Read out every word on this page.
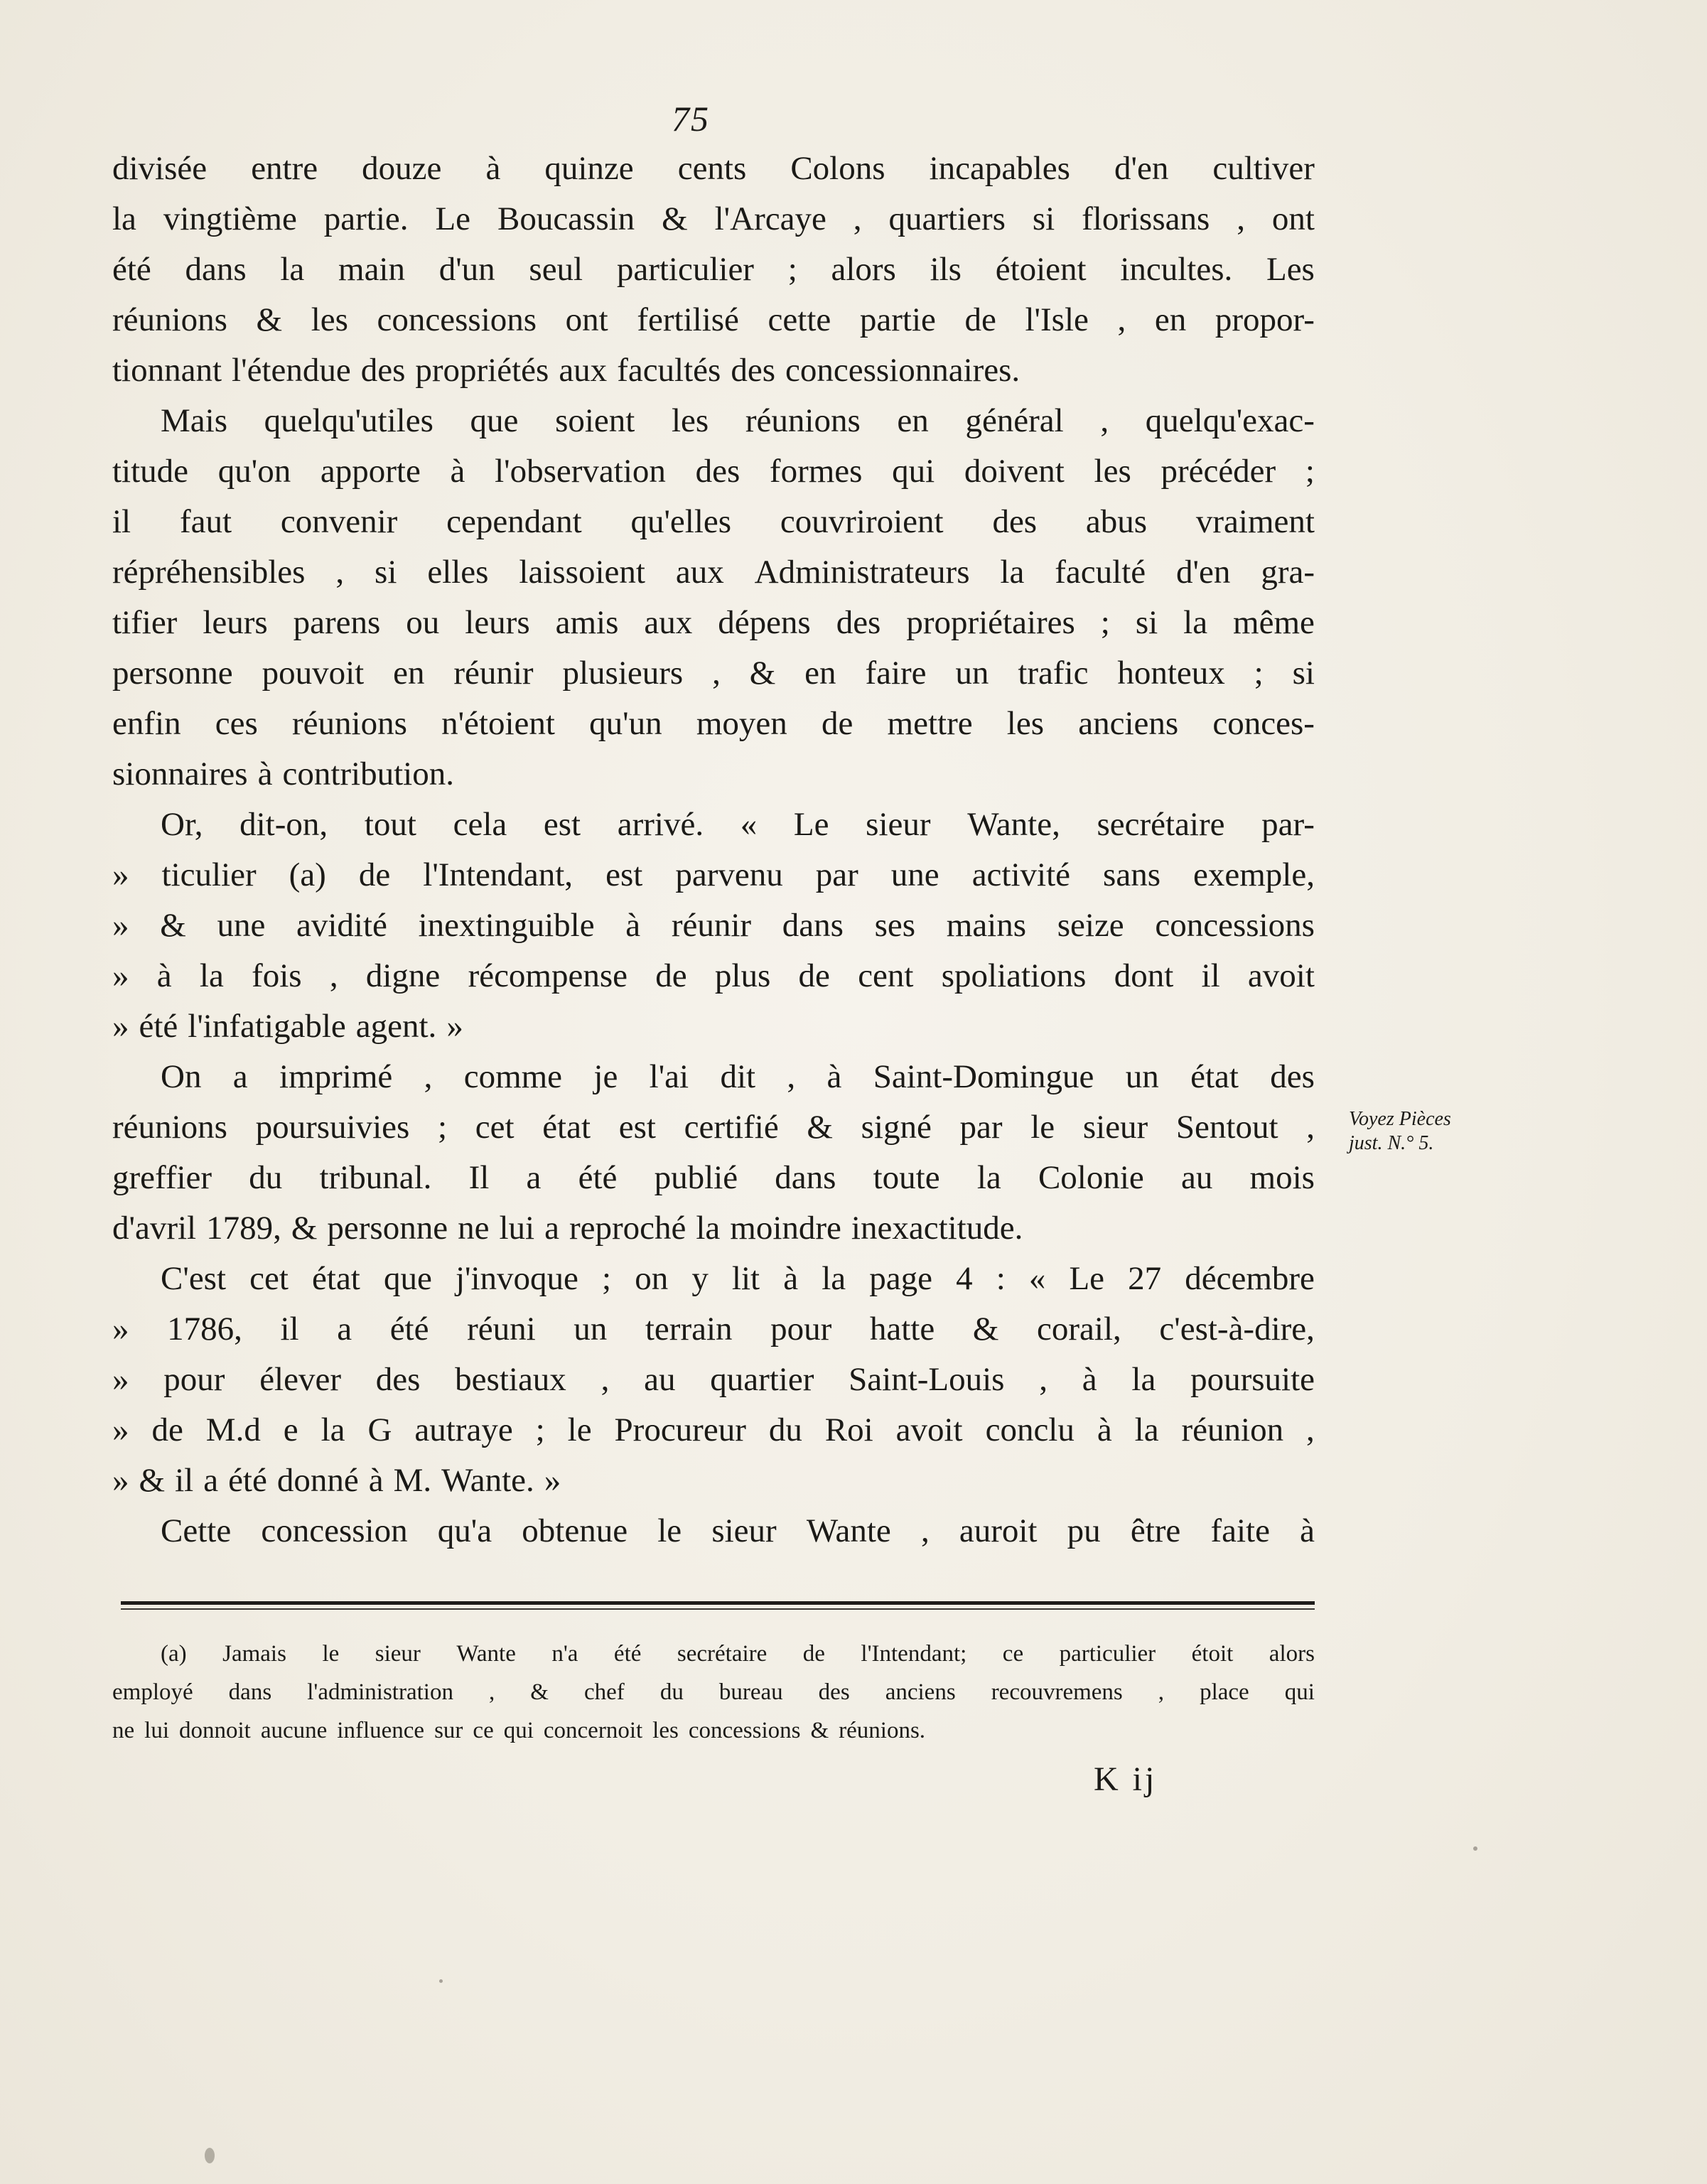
75
divisée entre douze à quinze cents Colons incapables d'en cultiver
la vingtième partie. Le Boucassin & l'Arcaye , quartiers si florissans , ont
été dans la main d'un seul particulier ; alors ils étoient incultes. Les
réunions & les concessions ont fertilisé cette partie de l'Isle , en propor-
tionnant l'étendue des propriétés aux facultés des concessionnaires.
Mais quelqu'utiles que soient les réunions en général , quelqu'exac-
titude qu'on apporte à l'observation des formes qui doivent les précéder ;
il faut convenir cependant qu'elles couvriroient des abus vraiment
répréhensibles , si elles laissoient aux Administrateurs la faculté d'en gra-
tifier leurs parens ou leurs amis aux dépens des propriétaires ; si la même
personne pouvoit en réunir plusieurs , & en faire un trafic honteux ; si
enfin ces réunions n'étoient qu'un moyen de mettre les anciens conces-
sionnaires à contribution.
Or, dit-on, tout cela est arrivé. « Le sieur Wante, secrétaire par-
» ticulier (a) de l'Intendant, est parvenu par une activité sans exemple,
» & une avidité inextinguible à réunir dans ses mains seize concessions
» à la fois , digne récompense de plus de cent spoliations dont il avoit
» été l'infatigable agent. »
On a imprimé , comme je l'ai dit , à Saint-Domingue un état des
réunions poursuivies ; cet état est certifié & signé par le sieur Sentout ,
greffier du tribunal. Il a été publié dans toute la Colonie au mois
d'avril 1789, & personne ne lui a reproché la moindre inexactitude.
C'est cet état que j'invoque ; on y lit à la page 4 : « Le 27 décembre
» 1786, il a été réuni un terrain pour hatte & corail, c'est-à-dire,
» pour élever des bestiaux , au quartier Saint-Louis , à la poursuite
» de M.d e la G autraye ; le Procureur du Roi avoit conclu à la réunion ,
» & il a été donné à M. Wante. »
Cette concession qu'a obtenue le sieur Wante , auroit pu être faite à
Voyez Pièces
just. N.° 5.
(a) Jamais le sieur Wante n'a été secrétaire de l'Intendant; ce particulier étoit alors
employé dans l'administration , & chef du bureau des anciens recouvremens , place qui
ne lui donnoit aucune influence sur ce qui concernoit les concessions & réunions.
K ij
